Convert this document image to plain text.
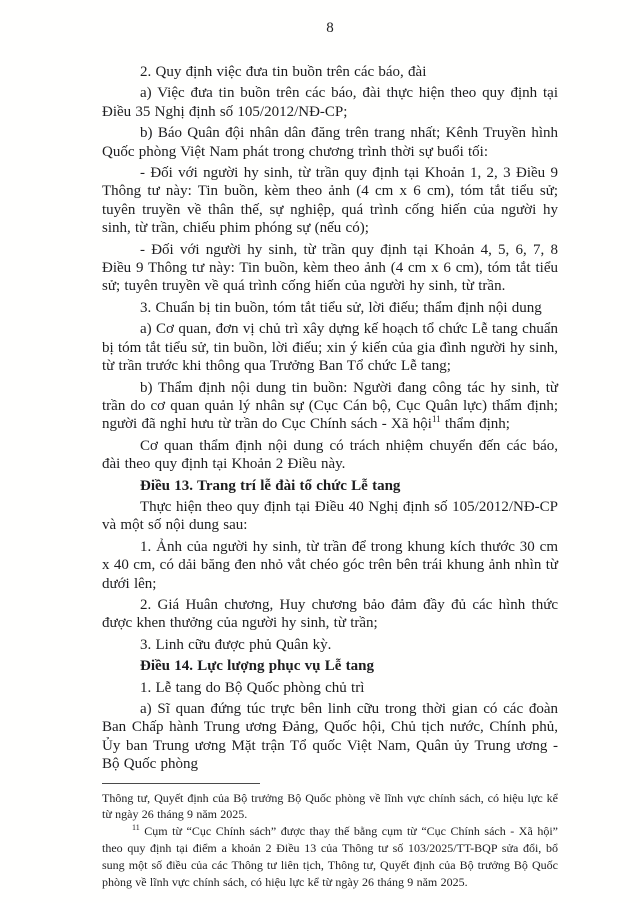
8

2. Quy định việc đưa tin buồn trên các báo, đài

a) Việc đưa tin buồn trên các báo, đài thực hiện theo quy định tại Điều 35 Nghị định số 105/2012/NĐ-CP;

b) Báo Quân đội nhân dân đăng trên trang nhất; Kênh Truyền hình Quốc phòng Việt Nam phát trong chương trình thời sự buổi tối:

- Đối với người hy sinh, từ trần quy định tại Khoản 1, 2, 3 Điều 9 Thông tư này: Tin buồn, kèm theo ảnh (4 cm x 6 cm), tóm tắt tiểu sử; tuyên truyền về thân thế, sự nghiệp, quá trình cống hiến của người hy sinh, từ trần, chiếu phim phóng sự (nếu có);

- Đối với người hy sinh, từ trần quy định tại Khoản 4, 5, 6, 7, 8 Điều 9 Thông tư này: Tin buồn, kèm theo ảnh (4 cm x 6 cm), tóm tắt tiểu sử; tuyên truyền về quá trình cống hiến của người hy sinh, từ trần.

3. Chuẩn bị tin buồn, tóm tắt tiểu sử, lời điếu; thẩm định nội dung

a) Cơ quan, đơn vị chủ trì xây dựng kế hoạch tổ chức Lễ tang chuẩn bị tóm tắt tiểu sử, tin buồn, lời điếu; xin ý kiến của gia đình người hy sinh, từ trần trước khi thông qua Trưởng Ban Tổ chức Lễ tang;

b) Thẩm định nội dung tin buồn: Người đang công tác hy sinh, từ trần do cơ quan quản lý nhân sự (Cục Cán bộ, Cục Quân lực) thẩm định; người đã nghỉ hưu từ trần do Cục Chính sách - Xã hội$^{11}$ thẩm định;

Cơ quan thẩm định nội dung có trách nhiệm chuyển đến các báo, đài theo quy định tại Khoản 2 Điều này.

Điều 13. Trang trí lễ đài tổ chức Lễ tang

Thực hiện theo quy định tại Điều 40 Nghị định số 105/2012/NĐ-CP và một số nội dung sau:

1. Ảnh của người hy sinh, từ trần để trong khung kích thước 30 cm x 40 cm, có dải băng đen nhỏ vắt chéo góc trên bên trái khung ảnh nhìn từ dưới lên;

2. Giá Huân chương, Huy chương bảo đảm đầy đủ các hình thức được khen thưởng của người hy sinh, từ trần;

3. Linh cữu được phủ Quân kỳ.

Điều 14. Lực lượng phục vụ Lễ tang

1. Lễ tang do Bộ Quốc phòng chủ trì

a) Sĩ quan đứng túc trực bên linh cữu trong thời gian có các đoàn Ban Chấp hành Trung ương Đảng, Quốc hội, Chủ tịch nước, Chính phủ, Ủy ban Trung ương Mặt trận Tổ quốc Việt Nam, Quân ủy Trung ương - Bộ Quốc phòng

Thông tư, Quyết định của Bộ trưởng Bộ Quốc phòng về lĩnh vực chính sách, có hiệu lực kể từ ngày 26 tháng 9 năm 2025.

$^{11}$ Cụm từ “Cục Chính sách” được thay thế bằng cụm từ “Cục Chính sách - Xã hội” theo quy định tại điểm a khoản 2 Điều 13 của Thông tư số 103/2025/TT-BQP sửa đổi, bổ sung một số điều của các Thông tư liên tịch, Thông tư, Quyết định của Bộ trưởng Bộ Quốc phòng về lĩnh vực chính sách, có hiệu lực kể từ ngày 26 tháng 9 năm 2025.
